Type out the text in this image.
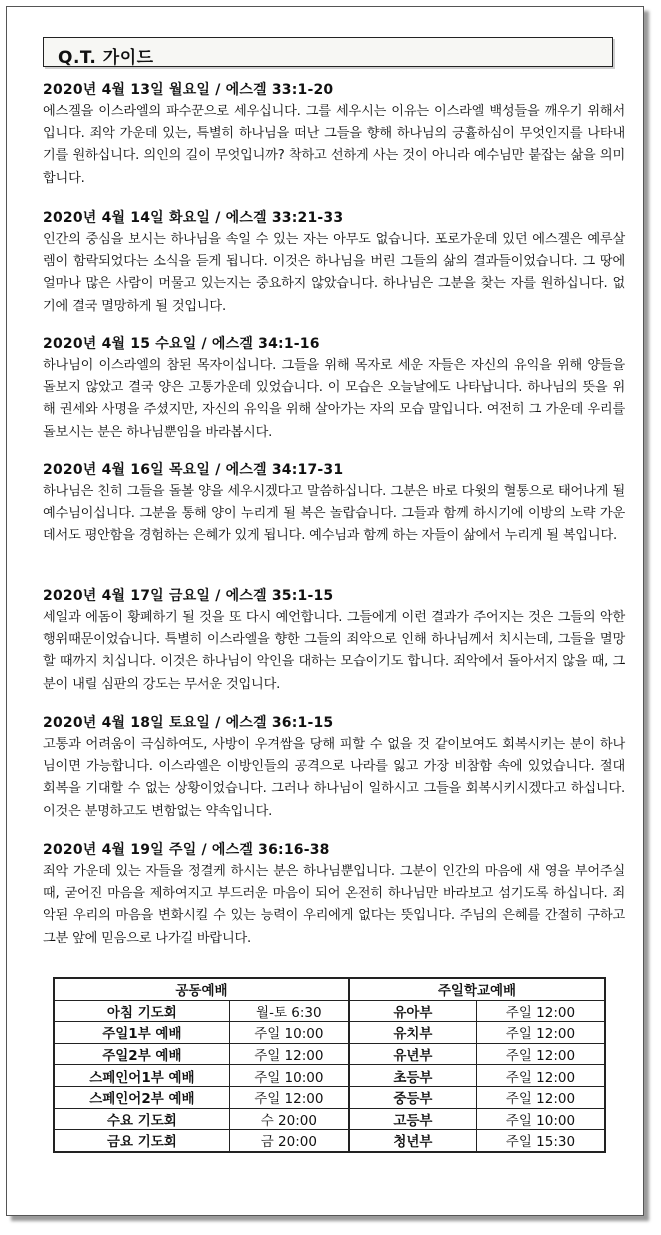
Q.T. 가이드
2020년 4월 13일 월요일 / 에스겔 33:1-20

에스겔을 이스라엘의 파수꾼으로 세우십니다. 그를 세우시는 이유는 이스라엘 백성들을 깨우기 위해서입니다. 죄악 가운데 있는, 특별히 하나님을 떠난 그들을 향해 하나님의 긍휼하심이 무엇인지를 나타내기를 원하십니다. 의인의 길이 무엇입니까? 착하고 선하게 사는 것이 아니라 예수님만 붙잡는 삶을 의미합니다.

2020년 4월 14일 화요일 / 에스겔 33:21-33

인간의 중심을 보시는 하나님을 속일 수 있는 자는 아무도 없습니다. 포로가운데 있던 에스겔은 예루살렘이 함락되었다는 소식을 듣게 됩니다. 이것은 하나님을 버린 그들의 삶의 결과들이었습니다. 그 땅에 얼마나 많은 사람이 머물고 있는지는 중요하지 않았습니다. 하나님은 그분을 찾는 자를 원하십니다. 없기에 결국 멸망하게 될 것입니다.

2020년 4월 15 수요일 / 에스겔 34:1-16

하나님이 이스라엘의 참된 목자이십니다. 그들을 위해 목자로 세운 자들은 자신의 유익을 위해 양들을 돌보지 않았고 결국 양은 고통가운데 있었습니다. 이 모습은 오늘날에도 나타납니다. 하나님의 뜻을 위해 권세와 사명을 주셨지만, 자신의 유익을 위해 살아가는 자의 모습 말입니다. 여전히 그 가운데 우리를 돌보시는 분은 하나님뿐임을 바라봅시다.

2020년 4월 16일 목요일 / 에스겔 34:17-31

하나님은 친히 그들을 돌볼 양을 세우시겠다고 말씀하십니다. 그분은 바로 다윗의 혈통으로 태어나게 될 예수님이십니다. 그분을 통해 양이 누리게 될 복은 놀랍습니다. 그들과 함께 하시기에 이방의 노략 가운데서도 평안함을 경험하는 은혜가 있게 됩니다. 예수님과 함께 하는 자들이 삶에서 누리게 될 복입니다.

2020년 4월 17일 금요일 / 에스겔 35:1-15

세일과 에돔이 황폐하기 될 것을 또 다시 예언합니다. 그들에게 이런 결과가 주어지는 것은 그들의 악한 행위때문이었습니다. 특별히 이스라엘을 향한 그들의 죄악으로 인해 하나님께서 치시는데, 그들을 멸망할 때까지 치십니다. 이것은 하나님이 악인을 대하는 모습이기도 합니다. 죄악에서 돌아서지 않을 때, 그분이 내릴 심판의 강도는 무서운 것입니다.

2020년 4월 18일 토요일 / 에스겔 36:1-15

고통과 어려움이 극심하여도, 사방이 우겨쌈을 당해 피할 수 없을 것 같이보여도 회복시키는 분이 하나님이면 가능합니다. 이스라엘은 이방인들의 공격으로 나라를 잃고 가장 비참함 속에 있었습니다. 절대 회복을 기대할 수 없는 상황이었습니다. 그러나 하나님이 일하시고 그들을 회복시키시겠다고 하십니다. 이것은 분명하고도 변함없는 약속입니다.

2020년 4월 19일 주일 / 에스겔 36:16-38

죄악 가운데 있는 자들을 정결케 하시는 분은 하나님뿐입니다. 그분이 인간의 마음에 새 영을 부어주실 때, 굳어진 마음을 제하여지고 부드러운 마음이 되어 온전히 하나님만 바라보고 섬기도록 하십니다. 죄악된 우리의 마음을 변화시킬 수 있는 능력이 우리에게 없다는 뜻입니다. 주님의 은혜를 간절히 구하고 그분 앞에 믿음으로 나가길 바랍니다.

공동예배		주일학교예배	
아침 기도회	월-토 6:30	유아부	주일 12:00
주일1부 예배	주일 10:00	유치부	주일 12:00
주일2부 예배	주일 12:00	유년부	주일 12:00
스페인어1부 예배	주일 10:00	초등부	주일 12:00
스페인어2부 예배	주일 12:00	중등부	주일 12:00
수요 기도회	수 20:00	고등부	주일 10:00
금요 기도회	금 20:00	청년부	주일 15:30
